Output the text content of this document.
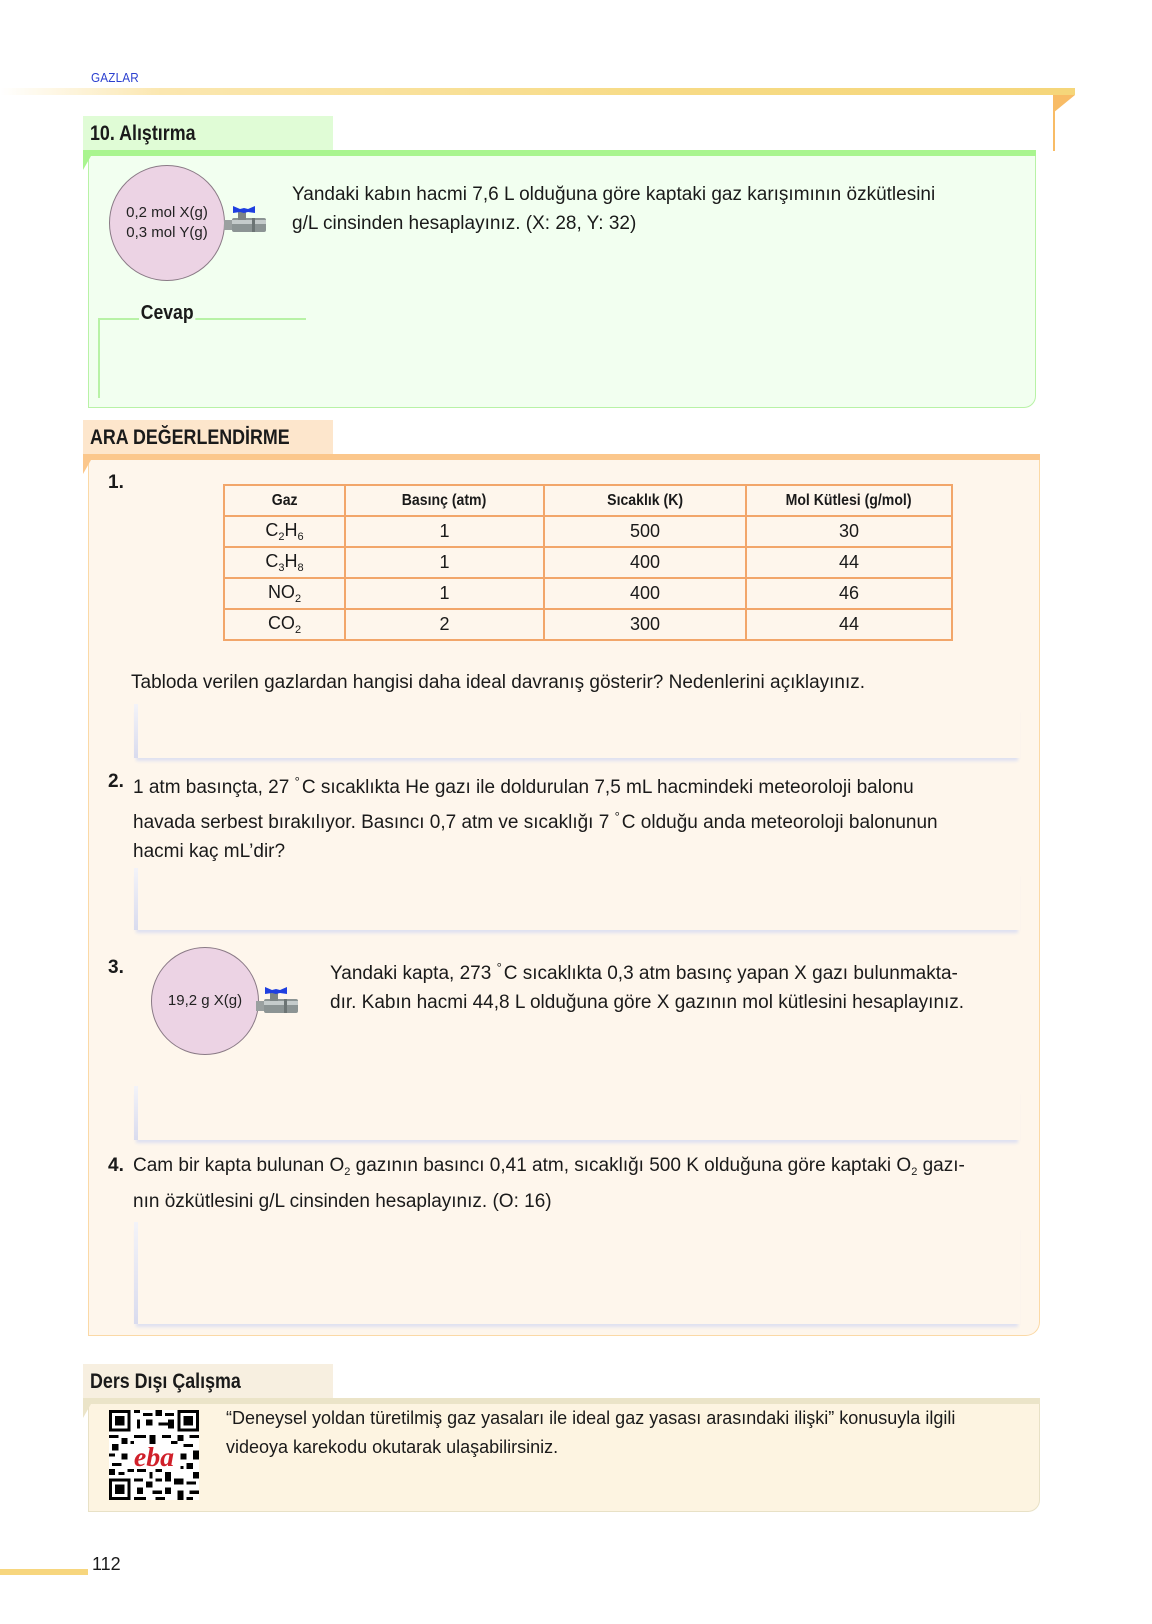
GAZLAR
10. Alıştırma
0,2 mol X(g)
0,3 mol Y(g)
Yandaki kabın hacmi 7,6 L olduğuna göre kaptaki gaz karışımının özkütlesini
g/L cinsinden hesaplayınız. (X: 28, Y: 32)
Cevap
ARA DEĞERLENDİRME
1.
Gaz	Basınç (atm)	Sıcaklık (K)	Mol Kütlesi (g/mol)
$C_2H_6$	1	500	30
$C_3H_8$	1	400	44
$NO_2$	1	400	46
$CO_2$	2	300	44
Tabloda verilen gazlardan hangisi daha ideal davranış gösterir? Nedenlerini açıklayınız.
2. 1 atm basınçta, 27 ° C sıcaklıkta He gazı ile doldurulan 7,5 mL hacmindeki meteoroloji balonu
havada serbest bırakılıyor. Basıncı 0,7 atm ve sıcaklığı 7 ° C olduğu anda meteoroloji balonunun
hacmi kaç mL’dir?
3.
19,2 g X(g)
Yandaki kapta, 273 ° C sıcaklıkta 0,3 atm basınç yapan X gazı bulunmakta-
dır. Kabın hacmi 44,8 L olduğuna göre X gazının mol kütlesini hesaplayınız.
4. Cam bir kapta bulunan $O_2$ gazının basıncı 0,41 atm, sıcaklığı 500 K olduğuna göre kaptaki $O_2$ gazı-
nın özkütlesini g/L cinsinden hesaplayınız. (O: 16)
Ders Dışı Çalışma
eba
“Deneysel yoldan türetilmiş gaz yasaları ile ideal gaz yasası arasındaki ilişki” konusuyla ilgili
videoya karekodu okutarak ulaşabilirsiniz.
112
